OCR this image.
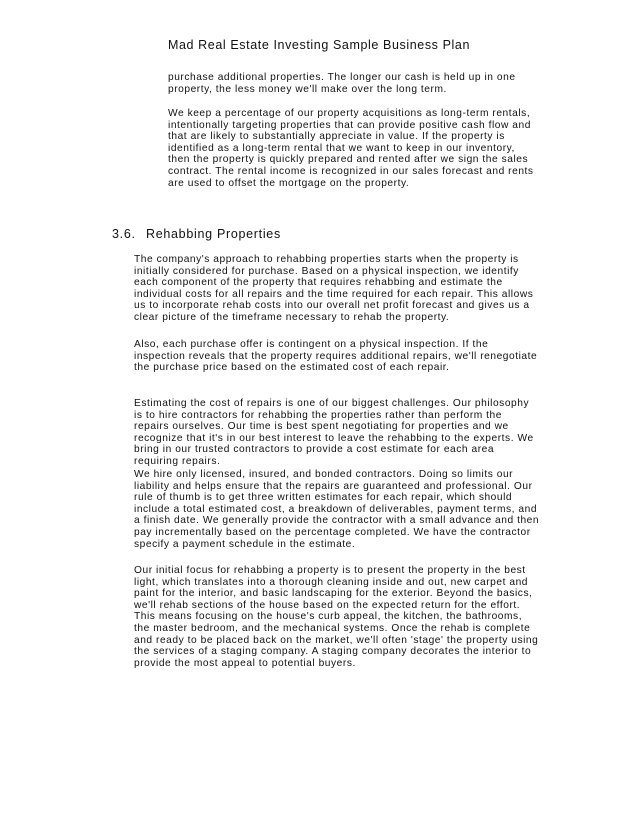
Mad Real Estate Investing Sample Business Plan

purchase additional properties. The longer our cash is held up in one property, the less money we'll make over the long term.

We keep a percentage of our property acquisitions as long-term rentals, intentionally targeting properties that can provide positive cash flow and that are likely to substantially appreciate in value. If the property is identified as a long-term rental that we want to keep in our inventory, then the property is quickly prepared and rented after we sign the sales contract. The rental income is recognized in our sales forecast and rents are used to offset the mortgage on the property.

3.6. Rehabbing Properties

The company's approach to rehabbing properties starts when the property is initially considered for purchase. Based on a physical inspection, we identify each component of the property that requires rehabbing and estimate the individual costs for all repairs and the time required for each repair. This allows us to incorporate rehab costs into our overall net profit forecast and gives us a clear picture of the timeframe necessary to rehab the property.

Also, each purchase offer is contingent on a physical inspection. If the inspection reveals that the property requires additional repairs, we'll renegotiate the purchase price based on the estimated cost of each repair.

Estimating the cost of repairs is one of our biggest challenges. Our philosophy is to hire contractors for rehabbing the properties rather than perform the repairs ourselves. Our time is best spent negotiating for properties and we recognize that it's in our best interest to leave the rehabbing to the experts. We bring in our trusted contractors to provide a cost estimate for each area requiring repairs.

We hire only licensed, insured, and bonded contractors. Doing so limits our liability and helps ensure that the repairs are guaranteed and professional. Our rule of thumb is to get three written estimates for each repair, which should include a total estimated cost, a breakdown of deliverables, payment terms, and a finish date. We generally provide the contractor with a small advance and then pay incrementally based on the percentage completed. We have the contractor specify a payment schedule in the estimate.

Our initial focus for rehabbing a property is to present the property in the best light, which translates into a thorough cleaning inside and out, new carpet and paint for the interior, and basic landscaping for the exterior. Beyond the basics, we'll rehab sections of the house based on the expected return for the effort. This means focusing on the house's curb appeal, the kitchen, the bathrooms, the master bedroom, and the mechanical systems. Once the rehab is complete and ready to be placed back on the market, we'll often 'stage' the property using the services of a staging company. A staging company decorates the interior to provide the most appeal to potential buyers.
